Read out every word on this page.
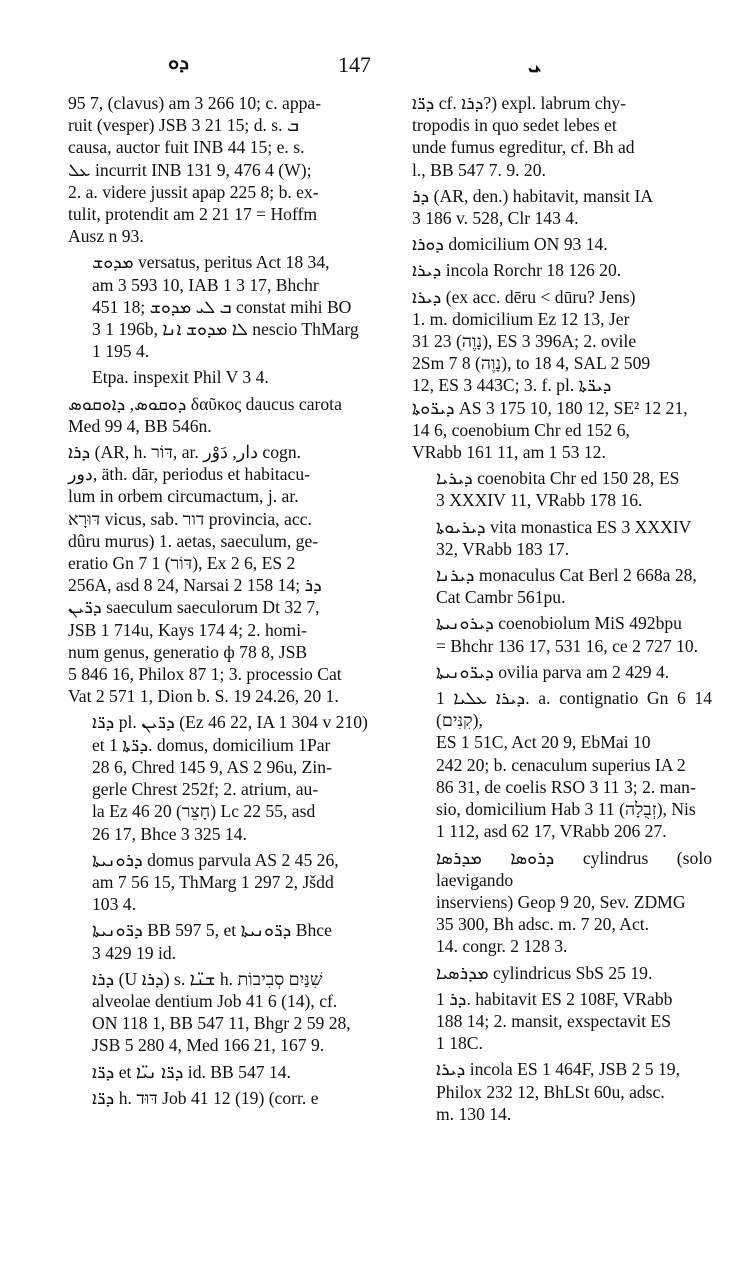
ܕܘ	147	ܝ

95 7, (clavus) am 3 266 10; c. appa-
ruit (vesper) JSB 3 21 15; d. s. ܒ
causa, auctor fuit INB 44 15; e. s.
ܥܠ incurrit INB 131 9, 476 4 (W);
2. a. videre jussit apap 225 8; b. ex-
tulit, protendit am 2 21 17 = Hoffm
Ausz n 93.

ܡܕܘܫ versatus, peritus Act 18 34,
am 3 593 10, IAB 1 3 17, Bhchr
451 18; ܒ ܠܝ ܡܕܘܫ constat mihi BO
3 1 196b, ܠܐ ܡܕܘܫ ܐܢܐ nescio ThMarg
1 195 4.

Etpa. inspexit Phil V 3 4.

ܕܘܩܘܣ, ܕܐܘܩܘܣ δαῦκος daucus carota
Med 99 4, BB 546n.

ܕܪܐ (AR, h. דּוֹר, ar. دار, دَوْر cogn.
دور, äth. dār, periodus et habitacu-
lum in orbem circumactum, j. ar.
דּוּרָא vicus, sab. דור provincia, acc.
dûru murus) 1. aetas, saeculum, ge-
eratio Gn 7 1 (דּוֹר), Ex 2 6, ES 2
256A, asd 8 24, Narsai 2 158 14; ܕܪ
ܕܪ̈ܝܢ saeculum saeculorum Dt 32 7,
JSB 1 714u, Kays 174 4; 2. homi-
num genus, generatio ф 78 8, JSB
5 846 16, Philox 87 1; 3. processio Cat
Vat 2 571 1, Dion b. S. 19 24.26, 20 1.

ܕܪ̈ܐ pl. ܕܪ̈ܝܢ (Ez 46 22, IA 1 304 v 210)
et ܕܪ̈ܬܐ 1. domus, domicilium 1Par
28 6, Chred 145 9, AS 2 96u, Zin-
gerle Chrest 252f; 2. atrium, au-
la Ez 46 20 (חָצֵר) Lc 22 55, asd
26 17, Bhce 3 325 14.

ܕܪܘܢܝܬܐ domus parvula AS 2 45 26,
am 7 56 15, ThMarg 1 297 2, Jšdd
103 4.

ܕܪ̈ܘܢܝܬܐ BB 597 5, et ܕܪ̈ܘܢܝܬܐ Bhce
3 429 19 id.

ܕܪܐ (U ܕܪܐ) s. ܫܢ̈ܐ h. שִׁנַּיִם סְבִיבוֹת
alveolae dentium Job 41 6 (14), cf.
ON 118 1, BB 547 11, Bhgr 2 59 28,
JSB 5 280 4, Med 166 21, 167 9.

ܕܪ̈ܐ et ܕܪ̈ܐ ܢܝ̈ܐ id. BB 547 14.

ܕܪ̈ܐ h. דּוּד Job 41 12 (19) (corr. e

ܕܪ̈ܐ cf. ܕܪܐ?) expl. labrum chy-
tropodis in quo sedet lebes et
unde fumus egreditur, cf. Bh ad
l., BB 547 7. 9. 20.

ܕܪ (AR, den.) habitavit, mansit IA
3 186 v. 528, Clr 143 4.

ܕܘܪܐ domicilium ON 93 14.

ܕܝܪܐ incola Rorchr 18 126 20.

ܕܝܪܐ (ex acc. dēru < dūru? Jens)
1. m. domicilium Ez 12 13, Jer
31 23 (נָוֶה), ES 3 396A; 2. ovile
2Sm 7 8 (נָוֶה), to 18 4, SAL 2 509
12, ES 3 443C; 3. f. pl. ܕܝܪ̈ܬܐ
ܕܝܪ̈ܘܬܐ AS 3 175 10, 180 12, SE² 12 21,
14 6, coenobium Chr ed 152 6,
VRabb 161 11, am 1 53 12.

ܕܝܪܝܐ coenobita Chr ed 150 28, ES
3 XXXIV 11, VRabb 178 16.

ܕܝܪܝܘܬܐ vita monastica ES 3 XXXIV
32, VRabb 183 17.

ܕܝܪܢܐ monaculus Cat Berl 2 668a 28,
Cat Cambr 561pu.

ܕܝܪܘܢܝܬܐ coenobiolum MiS 492bpu
= Bhchr 136 17, 531 16, ce 2 727 10.

ܕܝܪ̈ܘܢܝܬܐ ovilia parva am 2 429 4.

ܕܝܪܐ ܥܠܝܐ 1. a. contignatio Gn 6 14 (קִנִּים),
ES 1 51C, Act 20 9, EbMai 10
242 20; b. cenaculum superius IA 2
86 31, de coelis RSO 3 11 3; 2. man-
sio, domicilium Hab 3 11 (זְבֻלָה), Nis
1 112, asd 62 17, VRabb 206 27.

ܕܪܘܣܐ ܡܕܪܣܐ cylindrus (solo laevigando
inserviens) Geop 9 20, Sev. ZDMG
35 300, Bh adsc. m. 7 20, Act.
14. congr. 2 128 3.

ܡܕܪܣܝܐ cylindricus SbS 25 19.

ܕܪ 1. habitavit ES 2 108F, VRabb
188 14; 2. mansit, exspectavit ES
1 18C.

ܕܝܪܐ incola ES 1 464F, JSB 2 5 19,
Philox 232 12, BhLSt 60u, adsc.
m. 130 14.
